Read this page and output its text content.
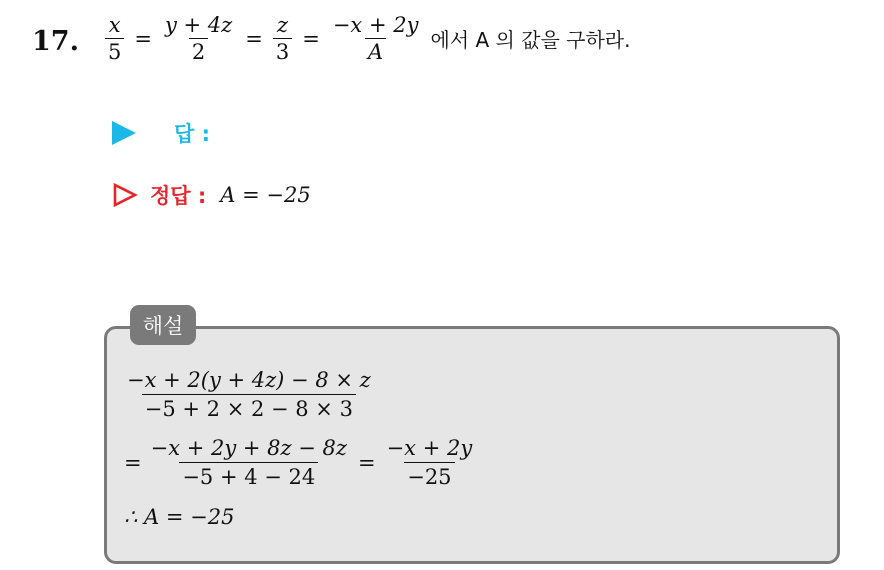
17. $\frac{x}{5} = \frac{y + 4z}{2} = \frac{z}{3} = \frac{-x + 2y}{A}$ 에서 A 의 값을 구하라.
답 :
정답 : A = −25
해설
$\frac{-x + 2(y + 4z) - 8 \times z}{-5 + 2 \times 2 - 8 \times 3}$
= $\frac{-x + 2y + 8z - 8z}{-5 + 4 - 24} = \frac{-x + 2y}{-25}$
∴ A = −25
